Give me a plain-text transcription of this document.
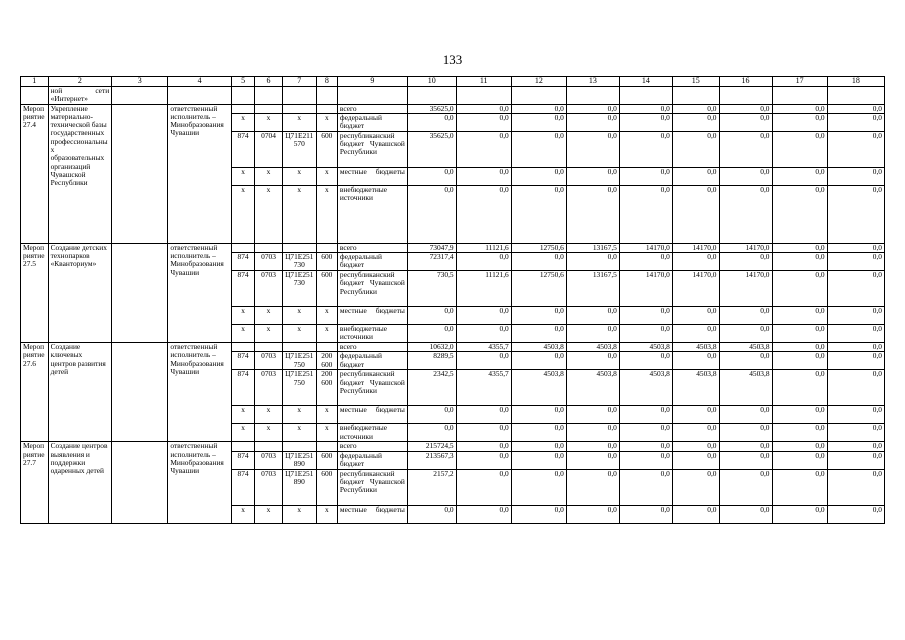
133
1	2	3	4	5	6	7	8	9	10	11	12	13	14	15	16	17	18
	ной сети «Интернет»																
Мероприятие 27.4	Укрепление материально-технической базы государственных профессиональных образовательных организаций Чувашской Республики		ответственный исполнитель – Минобразования Чувашии					всего	35625,0	0,0	0,0	0,0	0,0	0,0	0,0	0,0	0,0
				x	x	x	x	федеральный бюджет	0,0	0,0	0,0	0,0	0,0	0,0	0,0	0,0	0,0
				874	0704	Ц71Е211570	600	республиканский бюджет Чувашской Республики	35625,0	0,0	0,0	0,0	0,0	0,0	0,0	0,0	0,0
				x	x	x	x	местные бюджеты	0,0	0,0	0,0	0,0	0,0	0,0	0,0	0,0	0,0
				x	x	x	x	внебюджетные источники	0,0	0,0	0,0	0,0	0,0	0,0	0,0	0,0	0,0
Мероприятие 27.5	Создание детских технопарков «Кванториум»		ответственный исполнитель – Минобразования Чувашии					всего	73047,9	11121,6	12750,6	13167,5	14170,0	14170,0	14170,0	0,0	0,0
				874	0703	Ц71Е251730	600	федеральный бюджет	72317,4	0,0	0,0	0,0	0,0	0,0	0,0	0,0	0,0
				874	0703	Ц71Е251730	600	республиканский бюджет Чувашской Республики	730,5	11121,6	12750,6	13167,5	14170,0	14170,0	14170,0	0,0	0,0
				x	x	x	x	местные бюджеты	0,0	0,0	0,0	0,0	0,0	0,0	0,0	0,0	0,0
				x	x	x	x	внебюджетные источники	0,0	0,0	0,0	0,0	0,0	0,0	0,0	0,0	0,0
Мероприятие 27.6	Создание ключевых центров развития детей		ответственный исполнитель – Минобразования Чувашии					всего	10632,0	4355,7	4503,8	4503,8	4503,8	4503,8	4503,8	0,0	0,0
				874	0703	Ц71Е251750	200 600	федеральный бюджет	8289,5	0,0	0,0	0,0	0,0	0,0	0,0	0,0	0,0
				874	0703	Ц71Е251750	200 600	республиканский бюджет Чувашской Республики	2342,5	4355,7	4503,8	4503,8	4503,8	4503,8	4503,8	0,0	0,0
				x	x	x	x	местные бюджеты	0,0	0,0	0,0	0,0	0,0	0,0	0,0	0,0	0,0
				x	x	x	x	внебюджетные источники	0,0	0,0	0,0	0,0	0,0	0,0	0,0	0,0	0,0
Мероприятие 27.7	Создание центров выявления и поддержки одаренных детей		ответственный исполнитель – Минобразования Чувашии					всего	215724,5	0,0	0,0	0,0	0,0	0,0	0,0	0,0	0,0
				874	0703	Ц71Е251890	600	федеральный бюджет	213567,3	0,0	0,0	0,0	0,0	0,0	0,0	0,0	0,0
				874	0703	Ц71Е251890	600	республиканский бюджет Чувашской Республики	2157,2	0,0	0,0	0,0	0,0	0,0	0,0	0,0	0,0
				x	x	x	x	местные бюджеты	0,0	0,0	0,0	0,0	0,0	0,0	0,0	0,0	0,0
